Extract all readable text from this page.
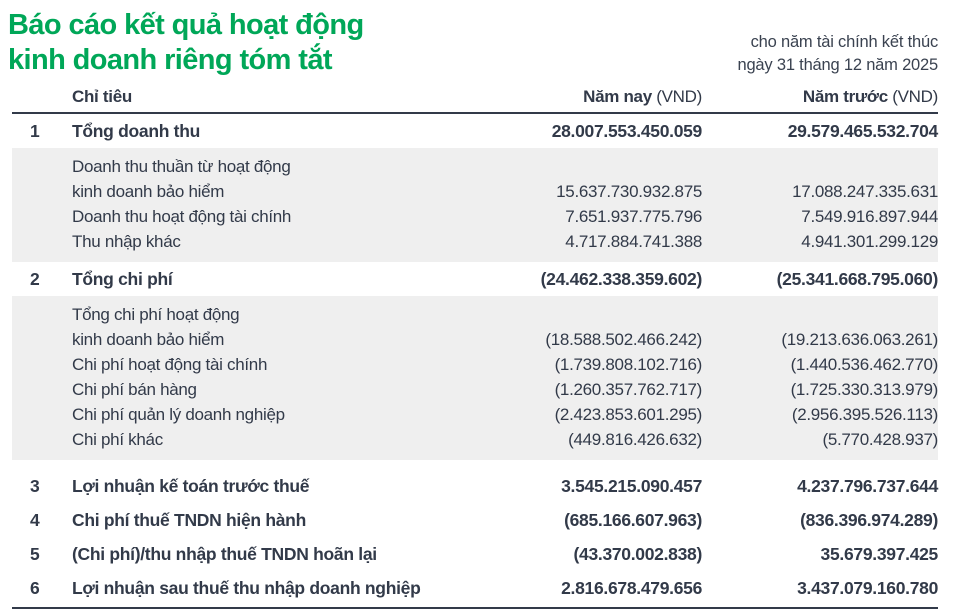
Báo cáo kết quả hoạt động
kinh doanh riêng tóm tắt
cho năm tài chính kết thúc
ngày 31 tháng 12 năm 2025
Chỉ tiêu	Năm nay (VND)	Năm trước (VND)
1	Tổng doanh thu	28.007.553.450.059	29.579.465.532.704
Doanh thu thuần từ hoạt động
kinh doanh bảo hiểm	15.637.730.932.875	17.088.247.335.631
Doanh thu hoạt động tài chính	7.651.937.775.796	7.549.916.897.944
Thu nhập khác	4.717.884.741.388	4.941.301.299.129
2	Tổng chi phí	(24.462.338.359.602)	(25.341.668.795.060)
Tổng chi phí hoạt động
kinh doanh bảo hiểm	(18.588.502.466.242)	(19.213.636.063.261)
Chi phí hoạt động tài chính	(1.739.808.102.716)	(1.440.536.462.770)
Chi phí bán hàng	(1.260.357.762.717)	(1.725.330.313.979)
Chi phí quản lý doanh nghiệp	(2.423.853.601.295)	(2.956.395.526.113)
Chi phí khác	(449.816.426.632)	(5.770.428.937)
3	Lợi nhuận kế toán trước thuế	3.545.215.090.457	4.237.796.737.644
4	Chi phí thuế TNDN hiện hành	(685.166.607.963)	(836.396.974.289)
5	(Chi phí)/thu nhập thuế TNDN hoãn lại	(43.370.002.838)	35.679.397.425
6	Lợi nhuận sau thuế thu nhập doanh nghiệp	2.816.678.479.656	3.437.079.160.780
